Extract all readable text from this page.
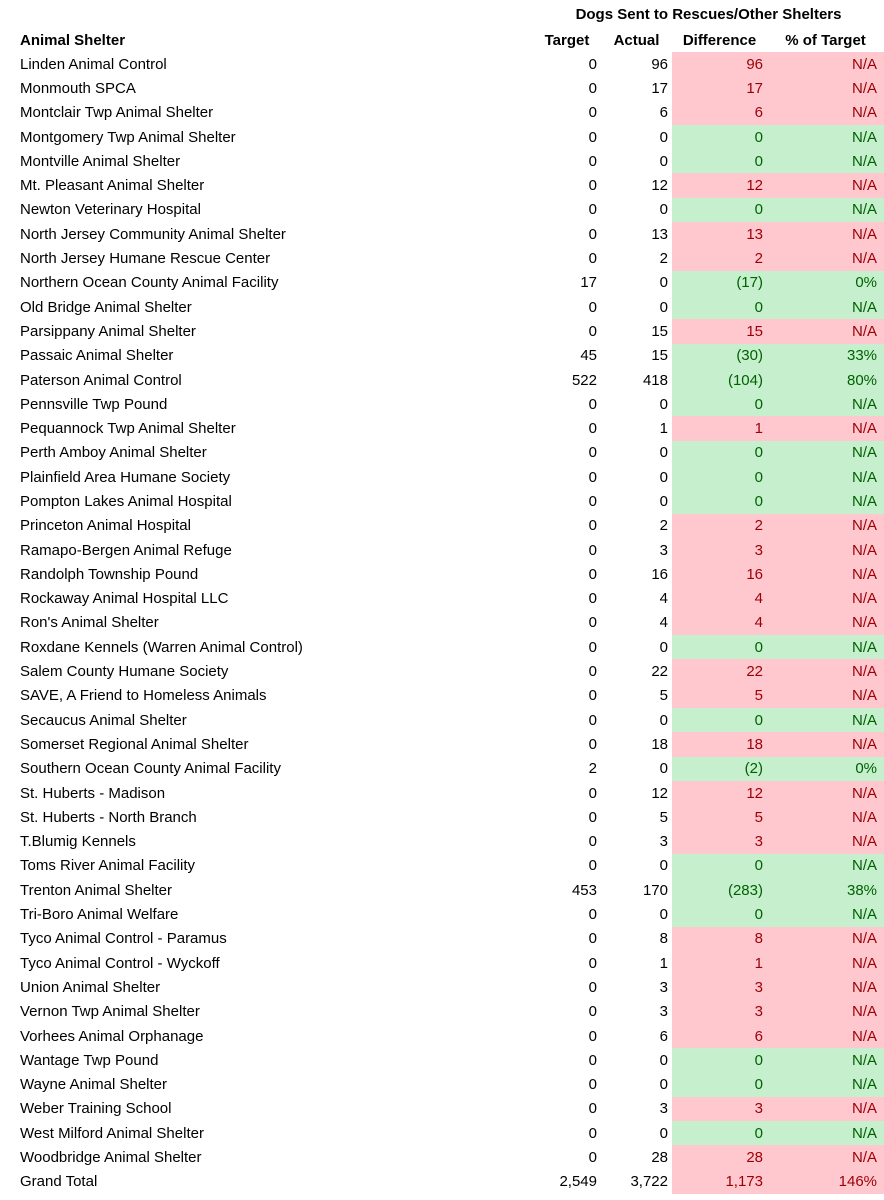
	Dogs Sent to Rescues/Other Shelters			
Animal Shelter	Target	Actual	Difference	% of Target
Linden Animal Control	0	96	96	N/A
Monmouth SPCA	0	17	17	N/A
Montclair Twp Animal Shelter	0	6	6	N/A
Montgomery Twp Animal Shelter	0	0	0	N/A
Montville Animal Shelter	0	0	0	N/A
Mt. Pleasant Animal Shelter	0	12	12	N/A
Newton Veterinary Hospital	0	0	0	N/A
North Jersey Community Animal Shelter	0	13	13	N/A
North Jersey Humane Rescue Center	0	2	2	N/A
Northern Ocean County Animal Facility	17	0	(17)	0%
Old Bridge Animal Shelter	0	0	0	N/A
Parsippany Animal Shelter	0	15	15	N/A
Passaic Animal Shelter	45	15	(30)	33%
Paterson Animal Control	522	418	(104)	80%
Pennsville Twp Pound	0	0	0	N/A
Pequannock Twp Animal Shelter	0	1	1	N/A
Perth Amboy Animal Shelter	0	0	0	N/A
Plainfield Area Humane Society	0	0	0	N/A
Pompton Lakes Animal Hospital	0	0	0	N/A
Princeton Animal Hospital	0	2	2	N/A
Ramapo-Bergen Animal Refuge	0	3	3	N/A
Randolph Township Pound	0	16	16	N/A
Rockaway Animal Hospital LLC	0	4	4	N/A
Ron's Animal Shelter	0	4	4	N/A
Roxdane Kennels (Warren Animal Control)	0	0	0	N/A
Salem County Humane Society	0	22	22	N/A
SAVE, A Friend to Homeless Animals	0	5	5	N/A
Secaucus Animal Shelter	0	0	0	N/A
Somerset Regional Animal Shelter	0	18	18	N/A
Southern Ocean County Animal Facility	2	0	(2)	0%
St. Huberts - Madison	0	12	12	N/A
St. Huberts - North Branch	0	5	5	N/A
T.Blumig Kennels	0	3	3	N/A
Toms River Animal Facility	0	0	0	N/A
Trenton Animal Shelter	453	170	(283)	38%
Tri-Boro Animal Welfare	0	0	0	N/A
Tyco Animal Control - Paramus	0	8	8	N/A
Tyco Animal Control - Wyckoff	0	1	1	N/A
Union Animal Shelter	0	3	3	N/A
Vernon Twp Animal Shelter	0	3	3	N/A
Vorhees Animal Orphanage	0	6	6	N/A
Wantage Twp Pound	0	0	0	N/A
Wayne Animal Shelter	0	0	0	N/A
Weber Training School	0	3	3	N/A
West Milford Animal Shelter	0	0	0	N/A
Woodbridge Animal Shelter	0	28	28	N/A
Grand Total	2,549	3,722	1,173	146%
